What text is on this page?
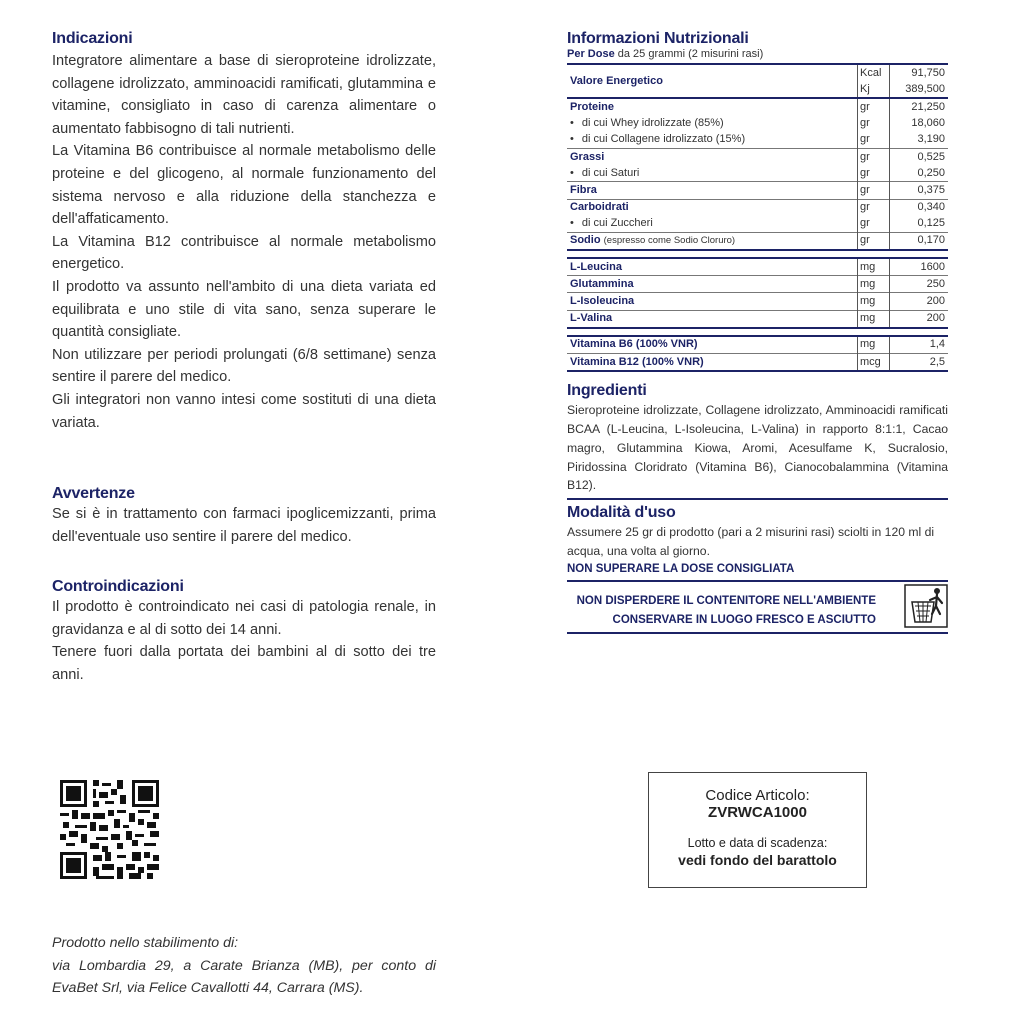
Indicazioni
Integratore alimentare a base di sieroproteine idrolizzate, collagene idrolizzato, amminoacidi ramificati, glutammina e vitamine, consigliato in caso di carenza alimentare o aumentato fabbisogno di tali nutrienti.
La Vitamina B6 contribuisce al normale metabolismo delle proteine e del glicogeno, al normale funzionamento del sistema nervoso e alla riduzione della stanchezza e dell'affaticamento.
La Vitamina B12 contribuisce al normale metabolismo energetico.
Il prodotto va assunto nell'ambito di una dieta variata ed equilibrata e uno stile di vita sano, senza superare le quantità consigliate.
Non utilizzare per periodi prolungati (6/8 settimane) senza sentire il parere del medico.
Gli integratori non vanno intesi come sostituti di una dieta variata.
Avvertenze
Se si è in trattamento con farmaci ipoglicemizzanti, prima dell'eventuale uso sentire il parere del medico.
Controindicazioni
Il prodotto è controindicato nei casi di patologia renale, in gravidanza e al di sotto dei 14 anni.
Tenere fuori dalla portata dei bambini al di sotto dei tre anni.
Prodotto nello stabilimento di:
via Lombardia 29, a Carate Brianza (MB), per conto di EvaBet Srl, via Felice Cavallotti 44, Carrara (MS).
Informazioni Nutrizionali
Per Dose da 25 grammi (2 misurini rasi)
Valore Energetico	Kcal	91,750
	Kj	389,500
Proteine	gr	21,250
• di cui Whey idrolizzate (85%)	gr	18,060
• di cui Collagene idrolizzato (15%)	gr	3,190
Grassi	gr	0,525
• di cui Saturi	gr	0,250
Fibra	gr	0,375
Carboidrati	gr	0,340
• di cui Zuccheri	gr	0,125
Sodio (espresso come Sodio Cloruro)	gr	0,170

L-Leucina	mg	1600
Glutammina	mg	250
L-Isoleucina	mg	200
L-Valina	mg	200

Vitamina B6 (100% VNR)	mg	1,4
Vitamina B12 (100% VNR)	mcg	2,5
Ingredienti
Sieroproteine idrolizzate, Collagene idrolizzato, Amminoacidi ramificati BCAA (L-Leucina, L-Isoleucina, L-Valina) in rapporto 8:1:1, Cacao magro, Glutammina Kiowa, Aromi, Acesulfame K, Sucralosio, Piridossina Cloridrato (Vitamina B6), Cianocobalammina (Vitamina B12).
Modalità d'uso
Assumere 25 gr di prodotto (pari a 2 misurini rasi) sciolti in 120 ml di acqua, una volta al giorno.
NON SUPERARE LA DOSE CONSIGLIATA
NON DISPERDERE IL CONTENITORE NELL'AMBIENTE
CONSERVARE IN LUOGO FRESCO E ASCIUTTO
Codice Articolo:
ZVRWCA1000
Lotto e data di scadenza:
vedi fondo del barattolo
